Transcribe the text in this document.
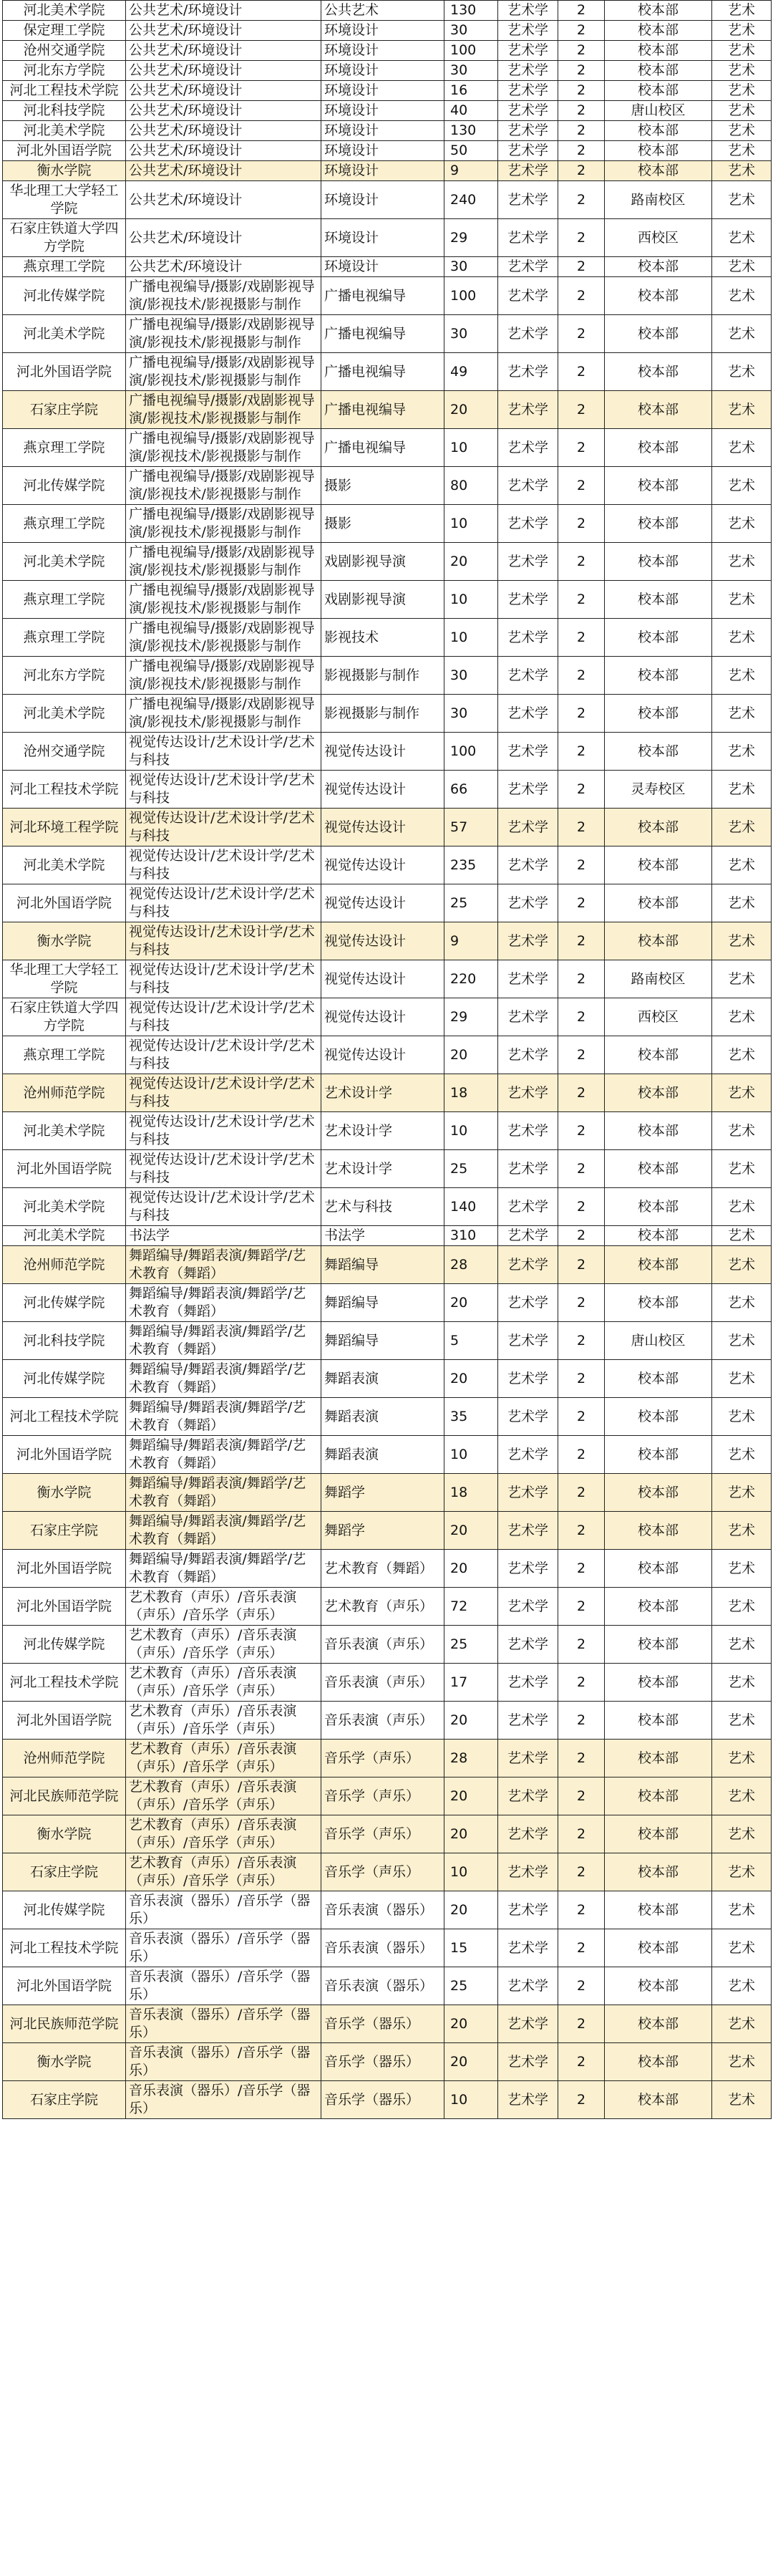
河北美术学院	公共艺术/环境设计	公共艺术	130	艺术学	2	校本部	艺术
保定理工学院	公共艺术/环境设计	环境设计	30	艺术学	2	校本部	艺术
沧州交通学院	公共艺术/环境设计	环境设计	100	艺术学	2	校本部	艺术
河北东方学院	公共艺术/环境设计	环境设计	30	艺术学	2	校本部	艺术
河北工程技术学院	公共艺术/环境设计	环境设计	16	艺术学	2	校本部	艺术
河北科技学院	公共艺术/环境设计	环境设计	40	艺术学	2	唐山校区	艺术
河北美术学院	公共艺术/环境设计	环境设计	130	艺术学	2	校本部	艺术
河北外国语学院	公共艺术/环境设计	环境设计	50	艺术学	2	校本部	艺术
衡水学院	公共艺术/环境设计	环境设计	9	艺术学	2	校本部	艺术
华北理工大学轻工学院	公共艺术/环境设计	环境设计	240	艺术学	2	路南校区	艺术
石家庄铁道大学四方学院	公共艺术/环境设计	环境设计	29	艺术学	2	西校区	艺术
燕京理工学院	公共艺术/环境设计	环境设计	30	艺术学	2	校本部	艺术
河北传媒学院	广播电视编导/摄影/戏剧影视导演/影视技术/影视摄影与制作	广播电视编导	100	艺术学	2	校本部	艺术
河北美术学院	广播电视编导/摄影/戏剧影视导演/影视技术/影视摄影与制作	广播电视编导	30	艺术学	2	校本部	艺术
河北外国语学院	广播电视编导/摄影/戏剧影视导演/影视技术/影视摄影与制作	广播电视编导	49	艺术学	2	校本部	艺术
石家庄学院	广播电视编导/摄影/戏剧影视导演/影视技术/影视摄影与制作	广播电视编导	20	艺术学	2	校本部	艺术
燕京理工学院	广播电视编导/摄影/戏剧影视导演/影视技术/影视摄影与制作	广播电视编导	10	艺术学	2	校本部	艺术
河北传媒学院	广播电视编导/摄影/戏剧影视导演/影视技术/影视摄影与制作	摄影	80	艺术学	2	校本部	艺术
燕京理工学院	广播电视编导/摄影/戏剧影视导演/影视技术/影视摄影与制作	摄影	10	艺术学	2	校本部	艺术
河北美术学院	广播电视编导/摄影/戏剧影视导演/影视技术/影视摄影与制作	戏剧影视导演	20	艺术学	2	校本部	艺术
燕京理工学院	广播电视编导/摄影/戏剧影视导演/影视技术/影视摄影与制作	戏剧影视导演	10	艺术学	2	校本部	艺术
燕京理工学院	广播电视编导/摄影/戏剧影视导演/影视技术/影视摄影与制作	影视技术	10	艺术学	2	校本部	艺术
河北东方学院	广播电视编导/摄影/戏剧影视导演/影视技术/影视摄影与制作	影视摄影与制作	30	艺术学	2	校本部	艺术
河北美术学院	广播电视编导/摄影/戏剧影视导演/影视技术/影视摄影与制作	影视摄影与制作	30	艺术学	2	校本部	艺术
沧州交通学院	视觉传达设计/艺术设计学/艺术与科技	视觉传达设计	100	艺术学	2	校本部	艺术
河北工程技术学院	视觉传达设计/艺术设计学/艺术与科技	视觉传达设计	66	艺术学	2	灵寿校区	艺术
河北环境工程学院	视觉传达设计/艺术设计学/艺术与科技	视觉传达设计	57	艺术学	2	校本部	艺术
河北美术学院	视觉传达设计/艺术设计学/艺术与科技	视觉传达设计	235	艺术学	2	校本部	艺术
河北外国语学院	视觉传达设计/艺术设计学/艺术与科技	视觉传达设计	25	艺术学	2	校本部	艺术
衡水学院	视觉传达设计/艺术设计学/艺术与科技	视觉传达设计	9	艺术学	2	校本部	艺术
华北理工大学轻工学院	视觉传达设计/艺术设计学/艺术与科技	视觉传达设计	220	艺术学	2	路南校区	艺术
石家庄铁道大学四方学院	视觉传达设计/艺术设计学/艺术与科技	视觉传达设计	29	艺术学	2	西校区	艺术
燕京理工学院	视觉传达设计/艺术设计学/艺术与科技	视觉传达设计	20	艺术学	2	校本部	艺术
沧州师范学院	视觉传达设计/艺术设计学/艺术与科技	艺术设计学	18	艺术学	2	校本部	艺术
河北美术学院	视觉传达设计/艺术设计学/艺术与科技	艺术设计学	10	艺术学	2	校本部	艺术
河北外国语学院	视觉传达设计/艺术设计学/艺术与科技	艺术设计学	25	艺术学	2	校本部	艺术
河北美术学院	视觉传达设计/艺术设计学/艺术与科技	艺术与科技	140	艺术学	2	校本部	艺术
河北美术学院	书法学	书法学	310	艺术学	2	校本部	艺术
沧州师范学院	舞蹈编导/舞蹈表演/舞蹈学/艺术教育（舞蹈）	舞蹈编导	28	艺术学	2	校本部	艺术
河北传媒学院	舞蹈编导/舞蹈表演/舞蹈学/艺术教育（舞蹈）	舞蹈编导	20	艺术学	2	校本部	艺术
河北科技学院	舞蹈编导/舞蹈表演/舞蹈学/艺术教育（舞蹈）	舞蹈编导	5	艺术学	2	唐山校区	艺术
河北传媒学院	舞蹈编导/舞蹈表演/舞蹈学/艺术教育（舞蹈）	舞蹈表演	20	艺术学	2	校本部	艺术
河北工程技术学院	舞蹈编导/舞蹈表演/舞蹈学/艺术教育（舞蹈）	舞蹈表演	35	艺术学	2	校本部	艺术
河北外国语学院	舞蹈编导/舞蹈表演/舞蹈学/艺术教育（舞蹈）	舞蹈表演	10	艺术学	2	校本部	艺术
衡水学院	舞蹈编导/舞蹈表演/舞蹈学/艺术教育（舞蹈）	舞蹈学	18	艺术学	2	校本部	艺术
石家庄学院	舞蹈编导/舞蹈表演/舞蹈学/艺术教育（舞蹈）	舞蹈学	20	艺术学	2	校本部	艺术
河北外国语学院	舞蹈编导/舞蹈表演/舞蹈学/艺术教育（舞蹈）	艺术教育（舞蹈）	20	艺术学	2	校本部	艺术
河北外国语学院	艺术教育（声乐）/音乐表演（声乐）/音乐学（声乐）	艺术教育（声乐）	72	艺术学	2	校本部	艺术
河北传媒学院	艺术教育（声乐）/音乐表演（声乐）/音乐学（声乐）	音乐表演（声乐）	25	艺术学	2	校本部	艺术
河北工程技术学院	艺术教育（声乐）/音乐表演（声乐）/音乐学（声乐）	音乐表演（声乐）	17	艺术学	2	校本部	艺术
河北外国语学院	艺术教育（声乐）/音乐表演（声乐）/音乐学（声乐）	音乐表演（声乐）	20	艺术学	2	校本部	艺术
沧州师范学院	艺术教育（声乐）/音乐表演（声乐）/音乐学（声乐）	音乐学（声乐）	28	艺术学	2	校本部	艺术
河北民族师范学院	艺术教育（声乐）/音乐表演（声乐）/音乐学（声乐）	音乐学（声乐）	20	艺术学	2	校本部	艺术
衡水学院	艺术教育（声乐）/音乐表演（声乐）/音乐学（声乐）	音乐学（声乐）	20	艺术学	2	校本部	艺术
石家庄学院	艺术教育（声乐）/音乐表演（声乐）/音乐学（声乐）	音乐学（声乐）	10	艺术学	2	校本部	艺术
河北传媒学院	音乐表演（器乐）/音乐学（器乐）	音乐表演（器乐）	20	艺术学	2	校本部	艺术
河北工程技术学院	音乐表演（器乐）/音乐学（器乐）	音乐表演（器乐）	15	艺术学	2	校本部	艺术
河北外国语学院	音乐表演（器乐）/音乐学（器乐）	音乐表演（器乐）	25	艺术学	2	校本部	艺术
河北民族师范学院	音乐表演（器乐）/音乐学（器乐）	音乐学（器乐）	20	艺术学	2	校本部	艺术
衡水学院	音乐表演（器乐）/音乐学（器乐）	音乐学（器乐）	20	艺术学	2	校本部	艺术
石家庄学院	音乐表演（器乐）/音乐学（器乐）	音乐学（器乐）	10	艺术学	2	校本部	艺术
